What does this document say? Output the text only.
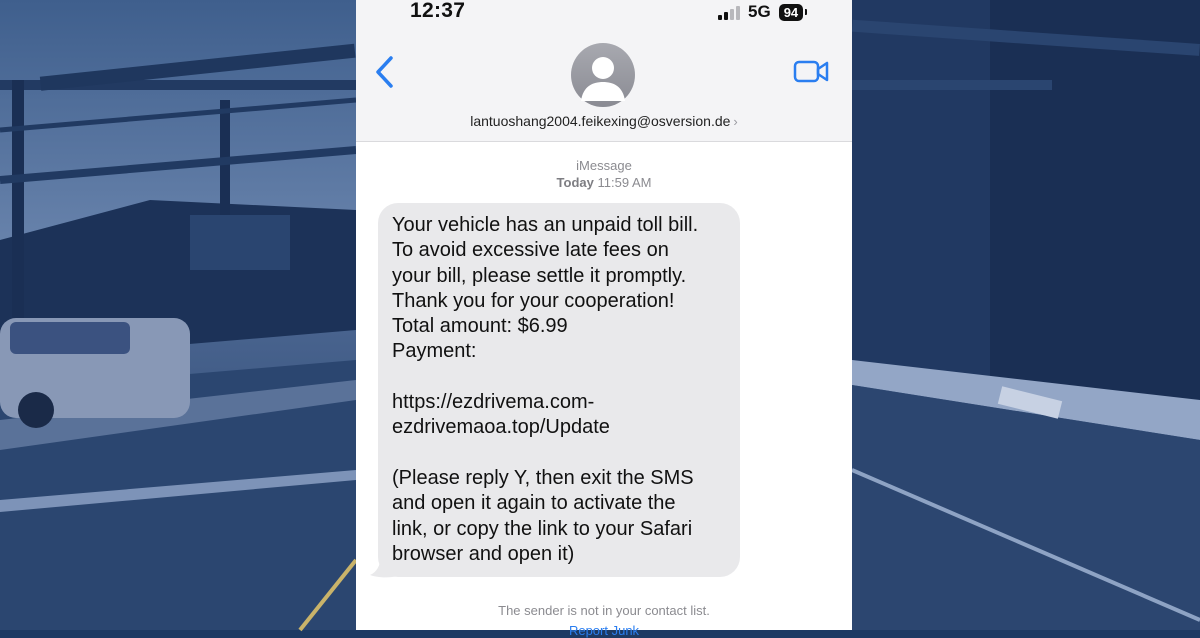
12:37	5G	94
lantuoshang2004.feikexing@osversion.de ›
iMessage
Today 11:59 AM
Your vehicle has an unpaid toll bill.
To avoid excessive late fees on
your bill, please settle it promptly.
Thank you for your cooperation!
Total amount: $6.99
Payment:
https://ezdrivema.com-
ezdrivemaoa.top/Update
(Please reply Y, then exit the SMS
and open it again to activate the
link, or copy the link to your Safari
browser and open it)
The sender is not in your contact list.
Report Junk
